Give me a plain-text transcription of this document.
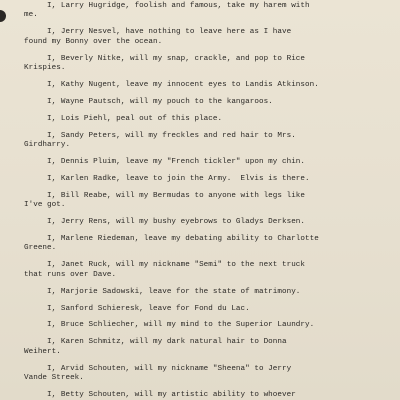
I, Larry Hugridge, foolish and famous, take my harem with
me.
I, Jerry Nesvel, have nothing to leave here as I have
found my Bonny over the ocean.
I, Beverly Nitke, will my snap, crackle, and pop to Rice
Krispies.
I, Kathy Nugent, leave my innocent eyes to Landis Atkinson.
I, Wayne Pautsch, will my pouch to the kangaroos.
I, Lois Piehl, peal out of this place.
I, Sandy Peters, will my freckles and red hair to Mrs.
Girdharry.
I, Dennis Pluim, leave my "French tickler" upon my chin.
I, Karlen Radke, leave to join the Army.  Elvis is there.
I, Bill Reabe, will my Bermudas to anyone with legs like
I've got.
I, Jerry Rens, will my bushy eyebrows to Gladys Derksen.
I, Marlene Riedeman, leave my debating ability to Charlotte
Greene.
I, Janet Ruck, will my nickname "Semi" to the next truck
that runs over Dave.
I, Marjorie Sadowski, leave for the state of matrimony.
I, Sanford Schieresk, leave for Fond du Lac.
I, Bruce Schliecher, will my mind to the Superior Laundry.
I, Karen Schmitz, will my dark natural hair to Donna
Weihert.
I, Arvid Schouten, will my nickname "Sheena" to Jerry
Vande Streek.
I, Betty Schouten, will my artistic ability to whoever
